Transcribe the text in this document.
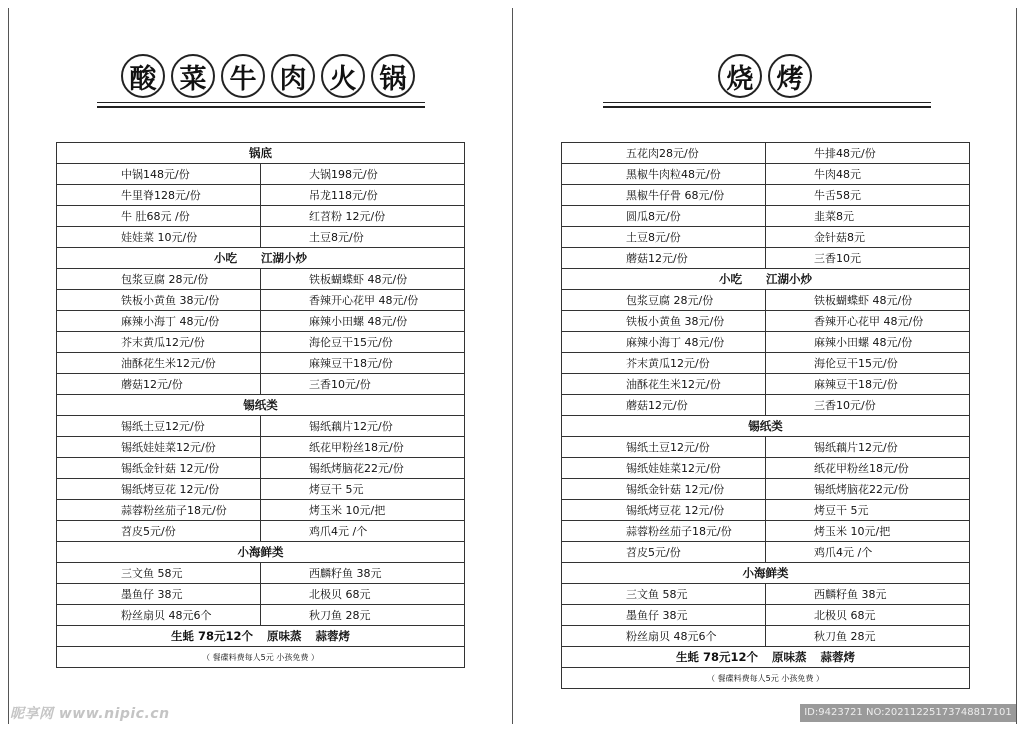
酸 菜 牛 肉 火 锅
锅底	
中锅148元/份	大锅198元/份
牛里脊128元/份	吊龙118元/份
牛 肚68元 /份	红苕粉 12元/份
娃娃菜 10元/份	土豆8元/份
小吃 江湖小炒	
包浆豆腐 28元/份	铁板蝴蝶虾 48元/份
铁板小黄鱼 38元/份	香辣开心花甲 48元/份
麻辣小海丁 48元/份	麻辣小田螺 48元/份
芥末黄瓜12元/份	海伦豆干15元/份
油酥花生米12元/份	麻辣豆干18元/份
蘑菇12元/份	三香10元/份
锡纸类	
锡纸土豆12元/份	锡纸藕片12元/份
锡纸娃娃菜12元/份	纸花甲粉丝18元/份
锡纸金针菇 12元/份	锡纸烤脑花22元/份
锡纸烤豆花 12元/份	烤豆干 5元
蒜蓉粉丝茄子18元/份	烤玉米 10元/把
苕皮5元/份	鸡爪4元 /个
小海鲜类	
三文鱼 58元	西麟籽鱼 38元
墨鱼仔 38元	北极贝 68元
粉丝扇贝 48元6个	秋刀鱼 28元
生蚝 78元12个 原味蒸 蒜蓉烤	
（ 餐碟料费每人5元 小孩免费 ）	
烧 烤
五花肉28元/份	牛排48元/份
黑椒牛肉粒48元/份	牛肉48元
黑椒牛仔骨 68元/份	牛舌58元
圆瓜8元/份	韭菜8元
土豆8元/份	金针菇8元
蘑菇12元/份	三香10元
小吃 江湖小炒	
包浆豆腐 28元/份	铁板蝴蝶虾 48元/份
铁板小黄鱼 38元/份	香辣开心花甲 48元/份
麻辣小海丁 48元/份	麻辣小田螺 48元/份
芥末黄瓜12元/份	海伦豆干15元/份
油酥花生米12元/份	麻辣豆干18元/份
蘑菇12元/份	三香10元/份
锡纸类	
锡纸土豆12元/份	锡纸藕片12元/份
锡纸娃娃菜12元/份	纸花甲粉丝18元/份
锡纸金针菇 12元/份	锡纸烤脑花22元/份
锡纸烤豆花 12元/份	烤豆干 5元
蒜蓉粉丝茄子18元/份	烤玉米 10元/把
苕皮5元/份	鸡爪4元 /个
小海鲜类	
三文鱼 58元	西麟籽鱼 38元
墨鱼仔 38元	北极贝 68元
粉丝扇贝 48元6个	秋刀鱼 28元
生蚝 78元12个 原味蒸 蒜蓉烤	
（ 餐碟料费每人5元 小孩免费 ）	
昵享网 www.nipic.cn	ID:9423721 NO:20211225173748817101
